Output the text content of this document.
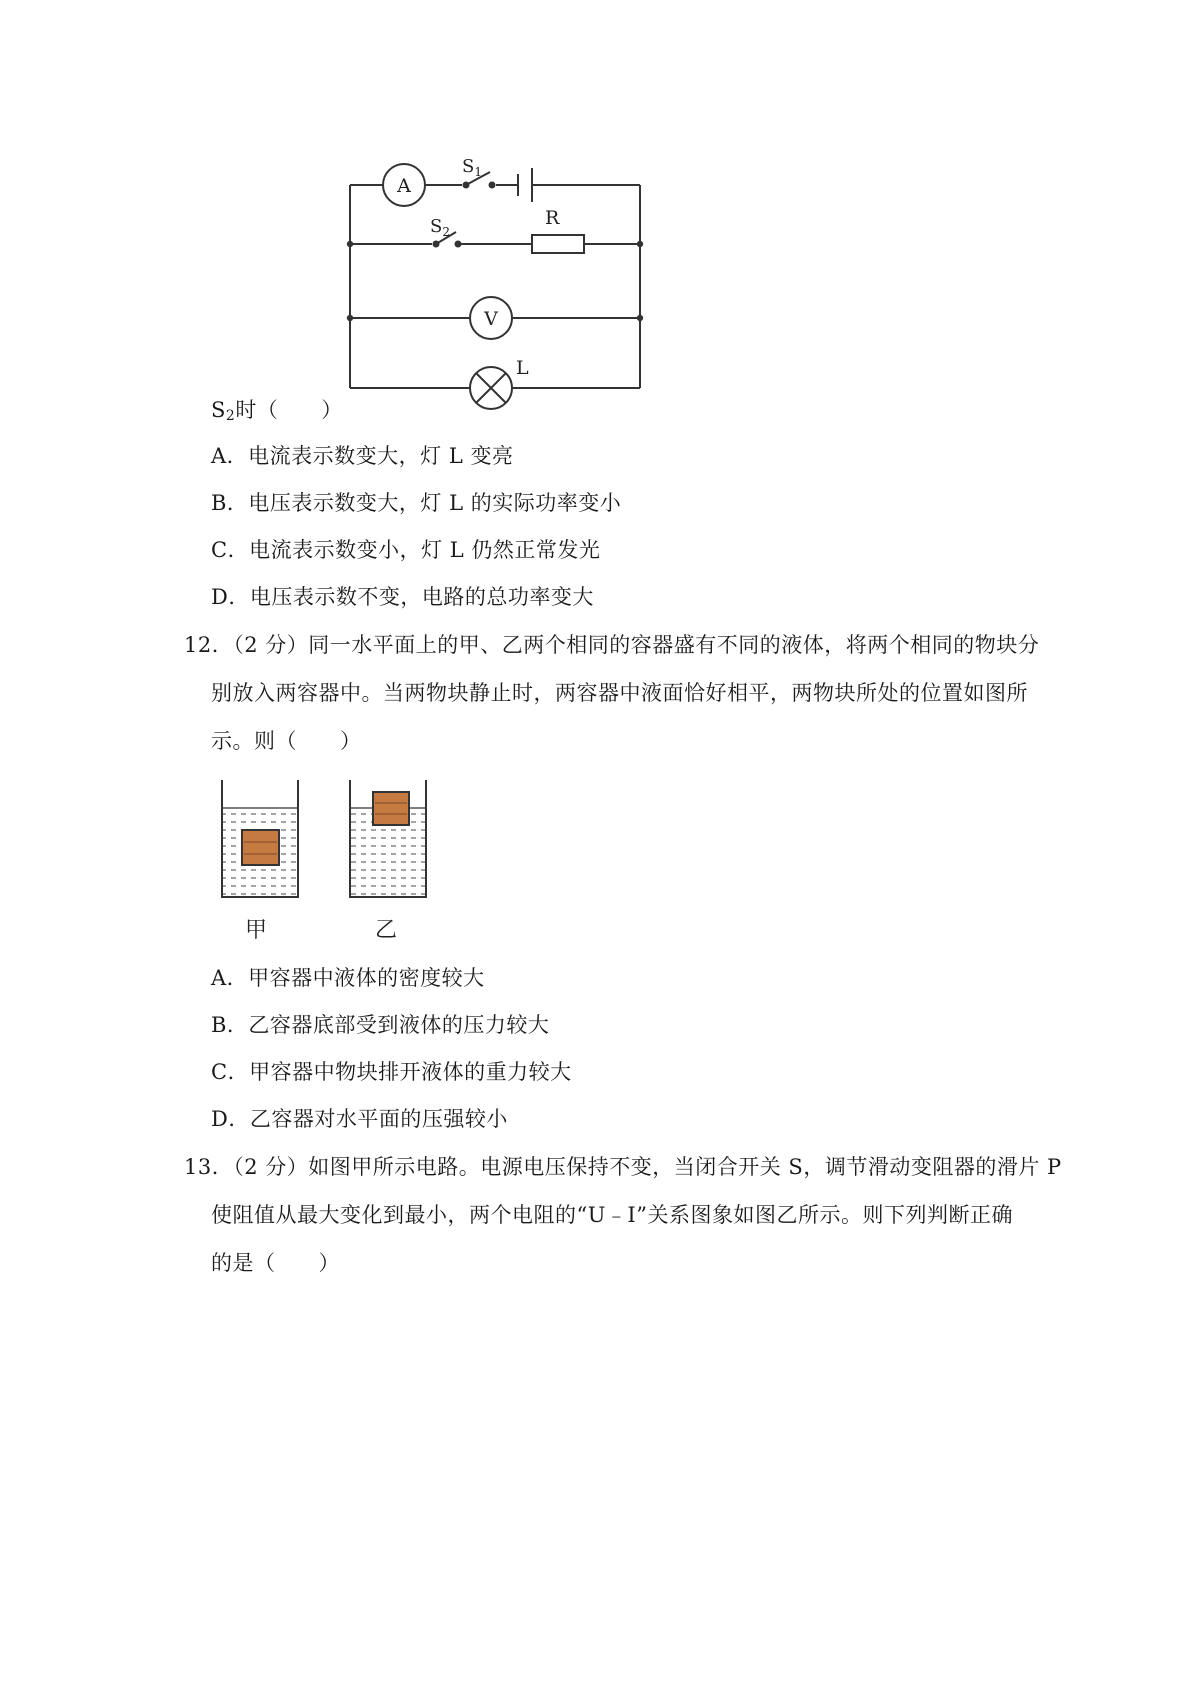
A
$S_1$
$S_2$
R
V
L
$S_2$时（　　）
A．电流表示数变大，灯 L 变亮
B．电压表示数变大，灯 L 的实际功率变小
C．电流表示数变小，灯 L 仍然正常发光
D．电压表示数不变，电路的总功率变大
12．（2 分）同一水平面上的甲、乙两个相同的容器盛有不同的液体，将两个相同的物块分
别放入两容器中。当两物块静止时，两容器中液面恰好相平，两物块所处的位置如图所
示。则（　　）
甲	乙
A．甲容器中液体的密度较大
B．乙容器底部受到液体的压力较大
C．甲容器中物块排开液体的重力较大
D．乙容器对水平面的压强较小
13．（2 分）如图甲所示电路。电源电压保持不变，当闭合开关 S，调节滑动变阻器的滑片 P
使阻值从最大变化到最小，两个电阻的“U﹣I”关系图象如图乙所示。则下列判断正确
的是（　　）
